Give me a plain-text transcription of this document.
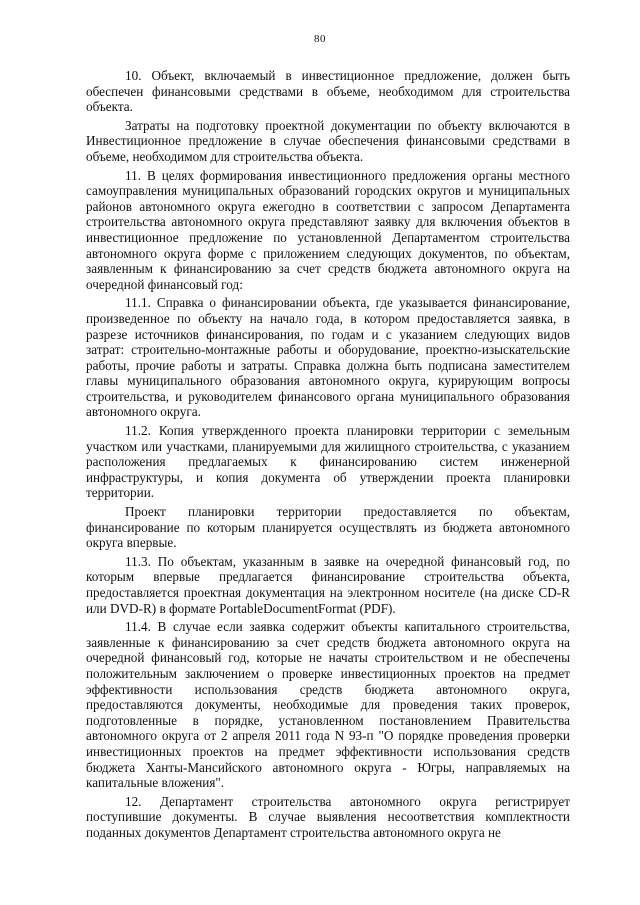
80

10. Объект, включаемый в инвестиционное предложение, должен быть обеспечен финансовыми средствами в объеме, необходимом для строительства объекта.

Затраты на подготовку проектной документации по объекту включаются в Инвестиционное предложение в случае обеспечения финансовыми средствами в объеме, необходимом для строительства объекта.

11. В целях формирования инвестиционного предложения органы местного самоуправления муниципальных образований городских округов и муниципальных районов автономного округа ежегодно в соответствии с запросом Департамента строительства автономного округа представляют заявку для включения объектов в инвестиционное предложение по установленной Департаментом строительства автономного округа форме с приложением следующих документов, по объектам, заявленным к финансированию за счет средств бюджета автономного округа на очередной финансовый год:

11.1. Справка о финансировании объекта, где указывается финансирование, произведенное по объекту на начало года, в котором предоставляется заявка, в разрезе источников финансирования, по годам и с указанием следующих видов затрат: строительно-монтажные работы и оборудование, проектно-изыскательские работы, прочие работы и затраты. Справка должна быть подписана заместителем главы муниципального образования автономного округа, курирующим вопросы строительства, и руководителем финансового органа муниципального образования автономного округа.

11.2. Копия утвержденного проекта планировки территории с земельным участком или участками, планируемыми для жилищного строительства, с указанием расположения предлагаемых к финансированию систем инженерной инфраструктуры, и копия документа об утверждении проекта планировки территории.

Проект планировки территории предоставляется по объектам, финансирование по которым планируется осуществлять из бюджета автономного округа впервые.

11.3. По объектам, указанным в заявке на очередной финансовый год, по которым впервые предлагается финансирование строительства объекта, предоставляется проектная документация на электронном носителе (на диске CD-R или DVD-R) в формате PortableDocumentFormat (PDF).

11.4. В случае если заявка содержит объекты капитального строительства, заявленные к финансированию за счет средств бюджета автономного округа на очередной финансовый год, которые не начаты строительством и не обеспечены положительным заключением о проверке инвестиционных проектов на предмет эффективности использования средств бюджета автономного округа, предоставляются документы, необходимые для проведения таких проверок, подготовленные в порядке, установленном постановлением Правительства автономного округа от 2 апреля 2011 года N 93-п "О порядке проведения проверки инвестиционных проектов на предмет эффективности использования средств бюджета Ханты-Мансийского автономного округа - Югры, направляемых на капитальные вложения".

12. Департамент строительства автономного округа регистрирует поступившие документы. В случае выявления несоответствия комплектности поданных документов Департамент строительства автономного округа не
